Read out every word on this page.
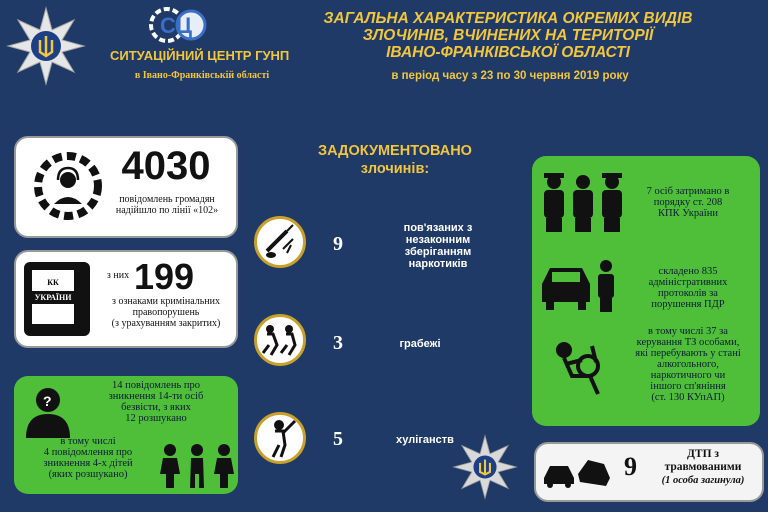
СЦ
СИТУАЦІЙНИЙ ЦЕНТР ГУНП
в Івано-Франківській області
ЗАГАЛЬНА ХАРАКТЕРИСТИКА ОКРЕМИХ ВИДІВ
ЗЛОЧИНІВ, ВЧИНЕНИХ НА ТЕРИТОРІЇ
ІВАНО-ФРАНКІВСЬКОЇ ОБЛАСТІ
в період часу з 23 по 30 червня 2019 року
4030
повідомлень громадян
надійшло по лінії «102»
КК
УКРАЇНИ
з них 199
з ознаками кримінальних
правопорушень
(з урахуванням закритих)
?
14 повідомлень про
зникнення 14-ти осіб
безвісти, з яких
12 розшукано
в тому числі
4 повідомлення про
зникнення 4-х дітей
(яких розшукано)
ЗАДОКУМЕНТОВАНО
злочинів:
9
пов'язаних з
незаконним
зберіганням
наркотиків
3	грабежі
5	хуліганств
7 осіб затримано в
порядку ст. 208
КПК України
складено 835
адміністративних
протоколів за
порушення ПДР
в тому числі 37 за
керування ТЗ особами,
які перебувають у стані
алкогольного,
наркотичного чи
іншого сп'яніння
(ст. 130 КУпАП)
9	ДТП з
травмованими
(1 особа загинула)
